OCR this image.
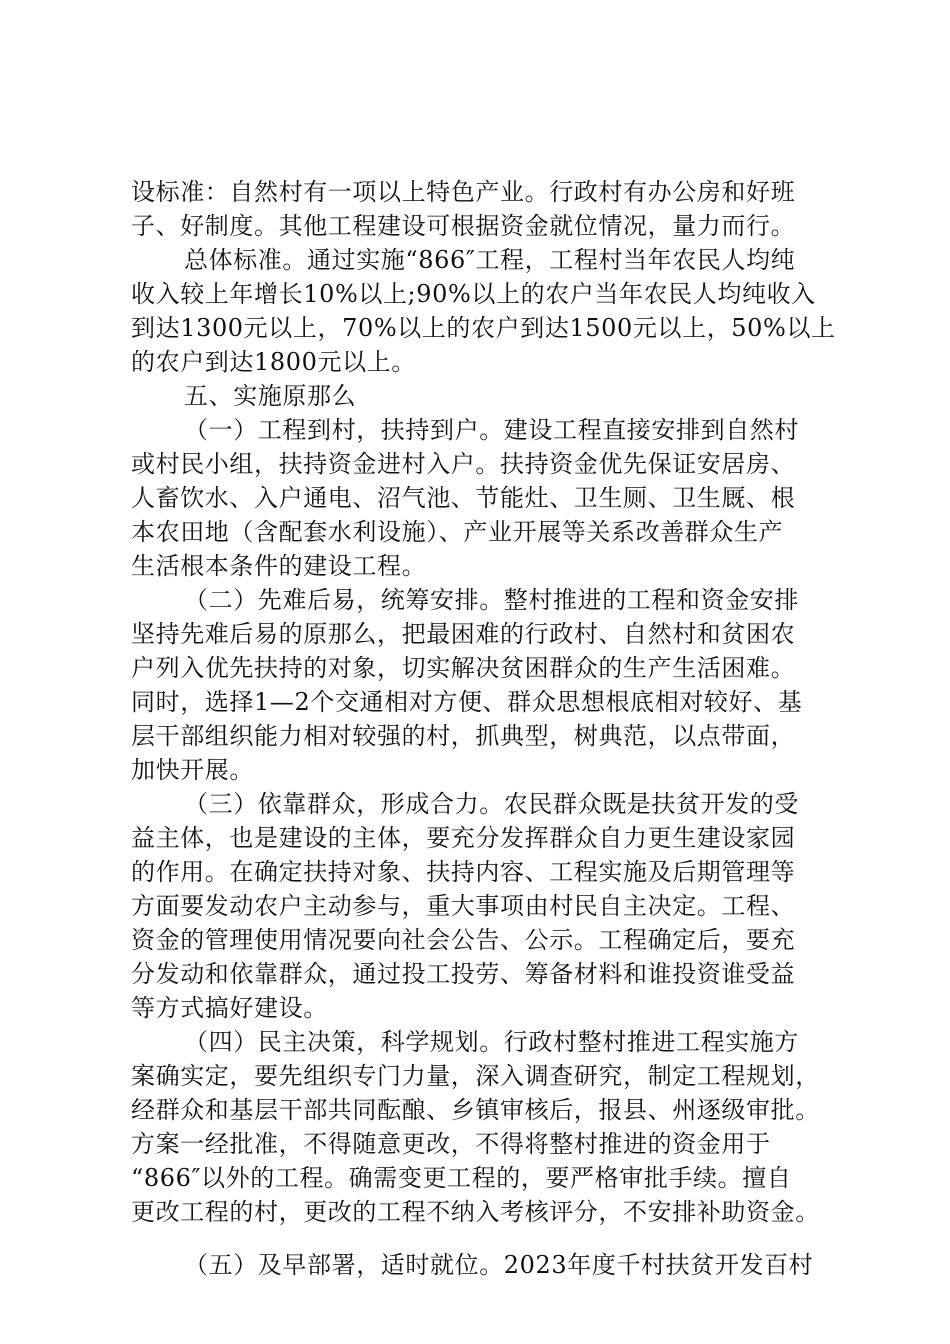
设标准：自然村有一项以上特色产业。行政村有办公房和好班
子、好制度。其他工程建设可根据资金就位情况，量力而行。
总体标准。通过实施“866″工程，工程村当年农民人均纯
收入较上年增长10%以上;90%以上的农户当年农民人均纯收入
到达1300元以上，70%以上的农户到达1500元以上，50%以上
的农户到达1800元以上。
五、实施原那么
（一）工程到村，扶持到户。建设工程直接安排到自然村
或村民小组，扶持资金进村入户。扶持资金优先保证安居房、
人畜饮水、入户通电、沼气池、节能灶、卫生厕、卫生厩、根
本农田地（含配套水利设施）、产业开展等关系改善群众生产
生活根本条件的建设工程。
（二）先难后易，统筹安排。整村推进的工程和资金安排
坚持先难后易的原那么，把最困难的行政村、自然村和贫困农
户列入优先扶持的对象，切实解决贫困群众的生产生活困难。
同时，选择1—2个交通相对方便、群众思想根底相对较好、基
层干部组织能力相对较强的村，抓典型，树典范，以点带面，
加快开展。
（三）依靠群众，形成合力。农民群众既是扶贫开发的受
益主体，也是建设的主体，要充分发挥群众自力更生建设家园
的作用。在确定扶持对象、扶持内容、工程实施及后期管理等
方面要发动农户主动参与，重大事项由村民自主决定。工程、
资金的管理使用情况要向社会公告、公示。工程确定后，要充
分发动和依靠群众，通过投工投劳、筹备材料和谁投资谁受益
等方式搞好建设。
（四）民主决策，科学规划。行政村整村推进工程实施方
案确实定，要先组织专门力量，深入调查研究，制定工程规划，
经群众和基层干部共同酝酿、乡镇审核后，报县、州逐级审批。
方案一经批准，不得随意更改，不得将整村推进的资金用于
“866″以外的工程。确需变更工程的，要严格审批手续。擅自
更改工程的村，更改的工程不纳入考核评分，不安排补助资金。
（五）及早部署，适时就位。2023年度千村扶贫开发百村
